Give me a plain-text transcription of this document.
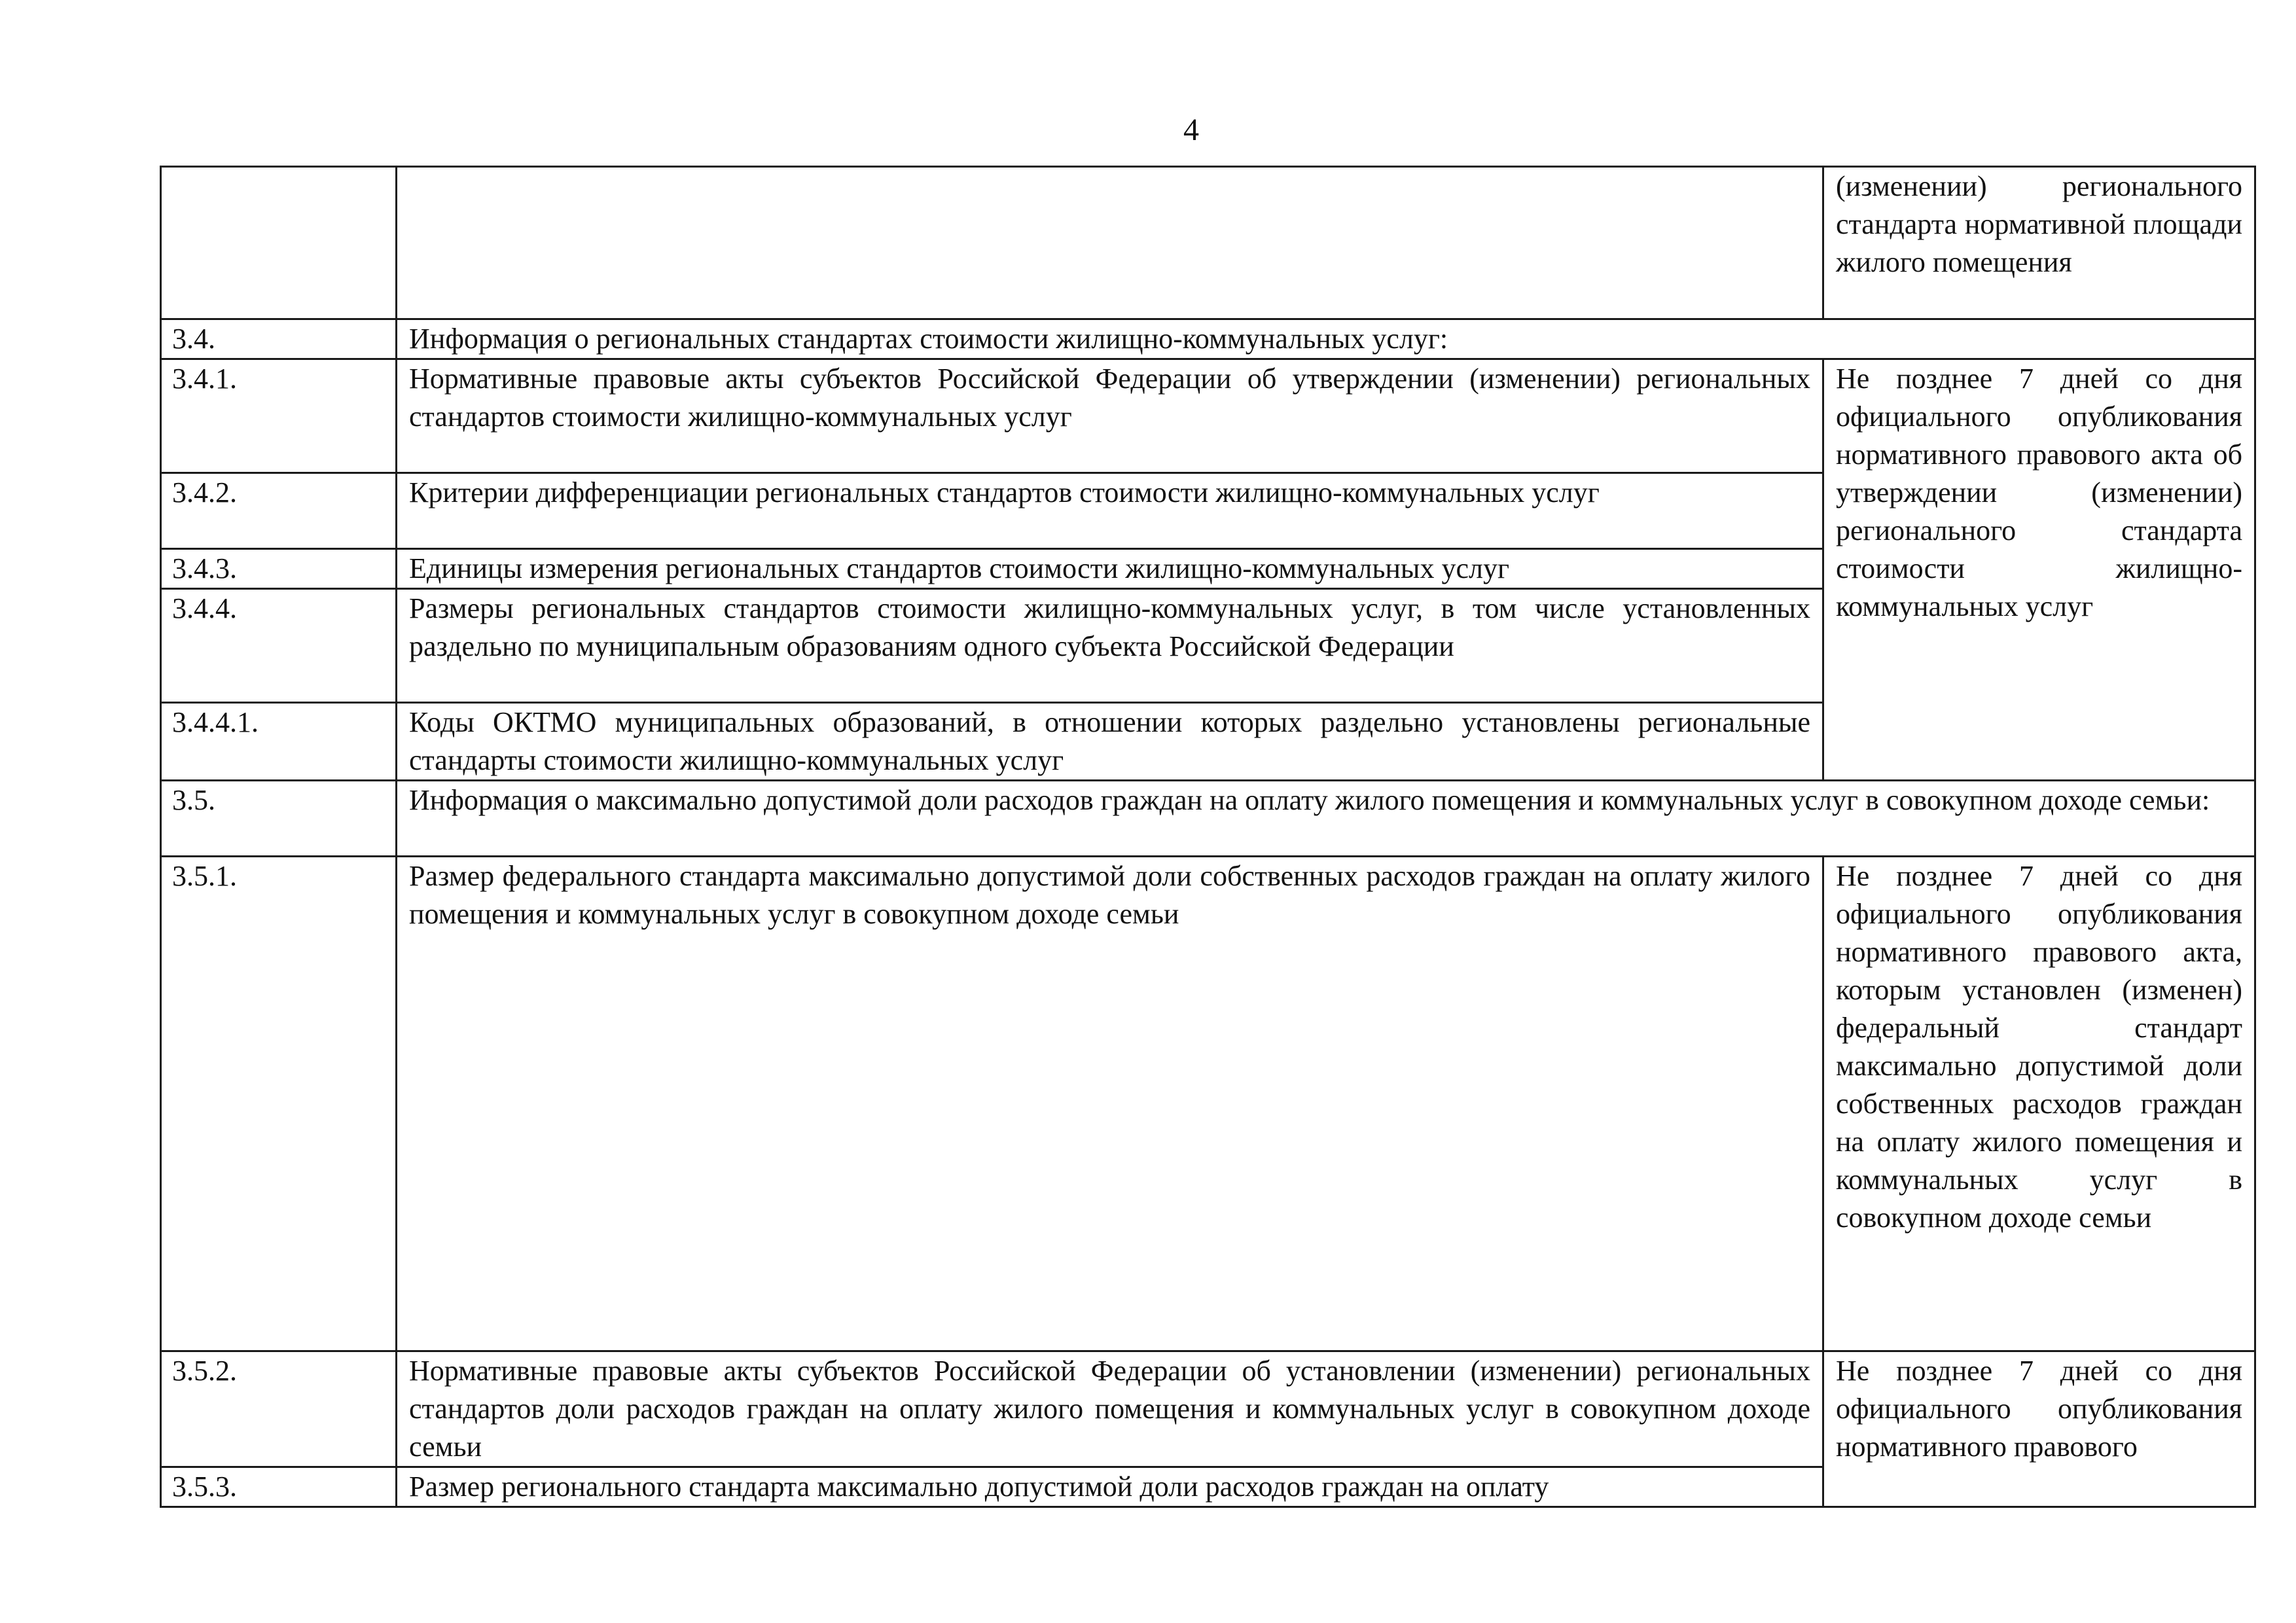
4
		(изменении) регионального стандарта нормативной площади жилого помещения
3.4.	Информация о региональных стандартах стоимости жилищно-коммунальных услуг:	
3.4.1.	Нормативные правовые акты субъектов Российской Федерации об утверждении (изменении) региональных стандартов стоимости жилищно-коммунальных услуг	Не позднее 7 дней со дня официального опубликования нормативного правового акта об утверждении (изменении) регионального стандарта стоимости жилищно-коммунальных услуг
3.4.2.	Критерии дифференциации региональных стандартов стоимости жилищно-коммунальных услуг	
3.4.3.	Единицы измерения региональных стандартов стоимости жилищно-коммунальных услуг	
3.4.4.	Размеры региональных стандартов стоимости жилищно-коммунальных услуг, в том числе установленных раздельно по муниципальным образованиям одного субъекта Российской Федерации	
3.4.4.1.	Коды ОКТМО муниципальных образований, в отношении которых раздельно установлены региональные стандарты стоимости жилищно-коммунальных услуг	
3.5.	Информация о максимально допустимой доли расходов граждан на оплату жилого помещения и коммунальных услуг в совокупном доходе семьи:	
3.5.1.	Размер федерального стандарта максимально допустимой доли собственных расходов граждан на оплату жилого помещения и коммунальных услуг в совокупном доходе семьи	Не позднее 7 дней со дня официального опубликования нормативного правового акта, которым установлен (изменен) федеральный стандарт максимально допустимой доли собственных расходов граждан на оплату жилого помещения и коммунальных услуг в совокупном доходе семьи
3.5.2.	Нормативные правовые акты субъектов Российской Федерации об установлении (изменении) региональных стандартов доли расходов граждан на оплату жилого помещения и коммунальных услуг в совокупном доходе семьи	Не позднее 7 дней со дня официального опубликования нормативного правового
3.5.3.	Размер регионального стандарта максимально допустимой доли расходов граждан на оплату	
